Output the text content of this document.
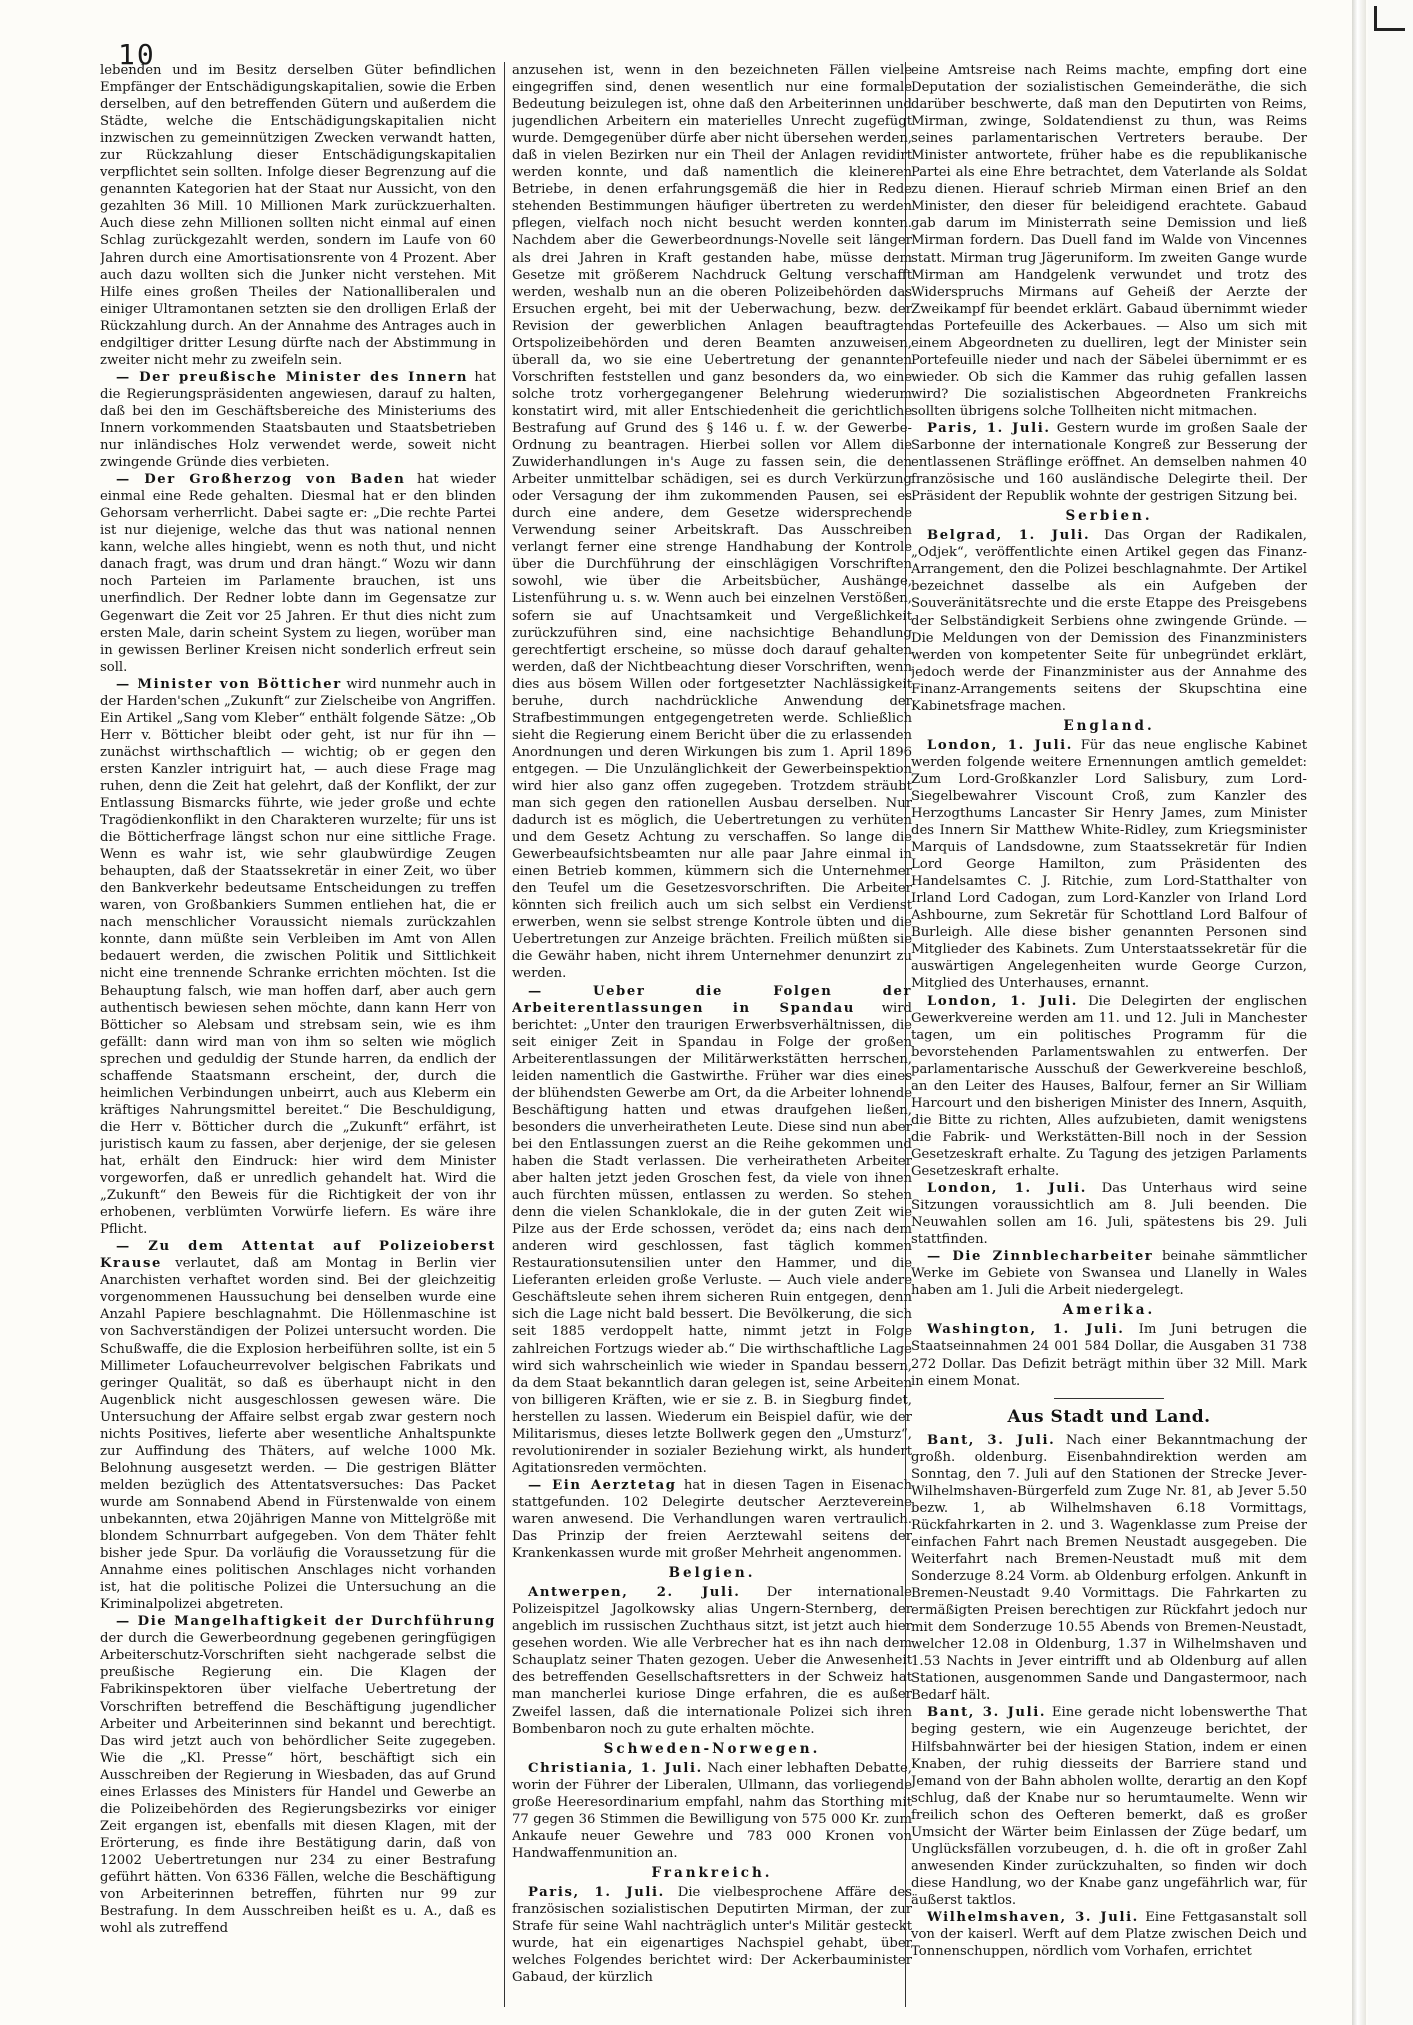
10

lebenden und im Besitz derselben Güter befindlichen Empfänger der Entschädigungskapitalien, sowie die Erben derselben, auf den betreffenden Gütern und außerdem die Städte, welche die Entschädigungskapitalien nicht inzwischen zu gemeinnützigen Zwecken verwandt hatten, zur Rückzahlung dieser Entschädigungskapitalien verpflichtet sein sollten. Infolge dieser Begrenzung auf die genannten Kategorien hat der Staat nur Aussicht, von den gezahlten 36 Mill. 10 Millionen Mark zurückzuerhalten. Auch diese zehn Millionen sollten nicht einmal auf einen Schlag zurückgezahlt werden, sondern im Laufe von 60 Jahren durch eine Amortisationsrente von 4 Prozent. Aber auch dazu wollten sich die Junker nicht verstehen. Mit Hilfe eines großen Theiles der Nationalliberalen und einiger Ultramontanen setzten sie den drolligen Erlaß der Rückzahlung durch. An der Annahme des Antrages auch in endgiltiger dritter Lesung dürfte nach der Abstimmung in zweiter nicht mehr zu zweifeln sein.

— Der preußische Minister des Innern hat die Regierungspräsidenten angewiesen, darauf zu halten, daß bei den im Geschäftsbereiche des Ministeriums des Innern vorkommenden Staatsbauten und Staatsbetrieben nur inländisches Holz verwendet werde, soweit nicht zwingende Gründe dies verbieten.

— Der Großherzog von Baden hat wieder einmal eine Rede gehalten. Diesmal hat er den blinden Gehorsam verherrlicht. Dabei sagte er: „Die rechte Partei ist nur diejenige, welche das thut was national nennen kann, welche alles hingiebt, wenn es noth thut, und nicht danach fragt, was drum und dran hängt.“ Wozu wir dann noch Parteien im Parlamente brauchen, ist uns unerfindlich. Der Redner lobte dann im Gegensatze zur Gegenwart die Zeit vor 25 Jahren. Er thut dies nicht zum ersten Male, darin scheint System zu liegen, worüber man in gewissen Berliner Kreisen nicht sonderlich erfreut sein soll.

— Minister von Bötticher wird nunmehr auch in der Harden'schen „Zukunft“ zur Zielscheibe von Angriffen. Ein Artikel „Sang vom Kleber“ enthält folgende Sätze: „Ob Herr v. Bötticher bleibt oder geht, ist nur für ihn — zunächst wirthschaftlich — wichtig; ob er gegen den ersten Kanzler intriguirt hat, — auch diese Frage mag ruhen, denn die Zeit hat gelehrt, daß der Konflikt, der zur Entlassung Bismarcks führte, wie jeder große und echte Tragödienkonflikt in den Charakteren wurzelte; für uns ist die Bötticherfrage längst schon nur eine sittliche Frage. Wenn es wahr ist, wie sehr glaubwürdige Zeugen behaupten, daß der Staatssekretär in einer Zeit, wo über den Bankverkehr bedeutsame Entscheidungen zu treffen waren, von Großbankiers Summen entliehen hat, die er nach menschlicher Voraussicht niemals zurückzahlen konnte, dann müßte sein Verbleiben im Amt von Allen bedauert werden, die zwischen Politik und Sittlichkeit nicht eine trennende Schranke errichten möchten. Ist die Behauptung falsch, wie man hoffen darf, aber auch gern authentisch bewiesen sehen möchte, dann kann Herr von Bötticher so Alebsam und strebsam sein, wie es ihm gefällt: dann wird man von ihm so selten wie möglich sprechen und geduldig der Stunde harren, da endlich der schaffende Staatsmann erscheint, der, durch die heimlichen Verbindungen unbeirrt, auch aus Kleberm ein kräftiges Nahrungsmittel bereitet.“ Die Beschuldigung, die Herr v. Bötticher durch die „Zukunft“ erfährt, ist juristisch kaum zu fassen, aber derjenige, der sie gelesen hat, erhält den Eindruck: hier wird dem Minister vorgeworfen, daß er unredlich gehandelt hat. Wird die „Zukunft“ den Beweis für die Richtigkeit der von ihr erhobenen, verblümten Vorwürfe liefern. Es wäre ihre Pflicht.

— Zu dem Attentat auf Polizeioberst Krause verlautet, daß am Montag in Berlin vier Anarchisten verhaftet worden sind. Bei der gleichzeitig vorgenommenen Haussuchung bei denselben wurde eine Anzahl Papiere beschlagnahmt. Die Höllenmaschine ist von Sachverständigen der Polizei untersucht worden. Die Schußwaffe, die die Explosion herbeiführen sollte, ist ein 5 Millimeter Lofaucheurrevolver belgischen Fabrikats und geringer Qualität, so daß es überhaupt nicht in den Augenblick nicht ausgeschlossen gewesen wäre. Die Untersuchung der Affaire selbst ergab zwar gestern noch nichts Positives, lieferte aber wesentliche Anhaltspunkte zur Auffindung des Thäters, auf welche 1000 Mk. Belohnung ausgesetzt werden. — Die gestrigen Blätter melden bezüglich des Attentatsversuches: Das Packet wurde am Sonnabend Abend in Fürstenwalde von einem unbekannten, etwa 20jährigen Manne von Mittelgröße mit blondem Schnurrbart aufgegeben. Von dem Thäter fehlt bisher jede Spur. Da vorläufig die Voraussetzung für die Annahme eines politischen Anschlages nicht vorhanden ist, hat die politische Polizei die Untersuchung an die Kriminalpolizei abgetreten.

— Die Mangelhaftigkeit der Durchführung der durch die Gewerbeordnung gegebenen geringfügigen Arbeiterschutz-Vorschriften sieht nachgerade selbst die preußische Regierung ein. Die Klagen der Fabrikinspektoren über vielfache Uebertretung der Vorschriften betreffend die Beschäftigung jugendlicher Arbeiter und Arbeiterinnen sind bekannt und berechtigt. Das wird jetzt auch von behördlicher Seite zugegeben. Wie die „Kl. Presse“ hört, beschäftigt sich ein Ausschreiben der Regierung in Wiesbaden, das auf Grund eines Erlasses des Ministers für Handel und Gewerbe an die Polizeibehörden des Regierungsbezirks vor einiger Zeit ergangen ist, ebenfalls mit diesen Klagen, mit der Erörterung, es finde ihre Bestätigung darin, daß von 12002 Uebertretungen nur 234 zu einer Bestrafung geführt hätten. Von 6336 Fällen, welche die Beschäftigung von Arbeiterinnen betreffen, führten nur 99 zur Bestrafung. In dem Ausschreiben heißt es u. A., daß es wohl als zutreffend

anzusehen ist, wenn in den bezeichneten Fällen viele eingegriffen sind, denen wesentlich nur eine formale Bedeutung beizulegen ist, ohne daß den Arbeiterinnen und jugendlichen Arbeitern ein materielles Unrecht zugefügt wurde. Demgegenüber dürfe aber nicht übersehen werden, daß in vielen Bezirken nur ein Theil der Anlagen revidirt werden konnte, und daß namentlich die kleineren Betriebe, in denen erfahrungsgemäß die hier in Rede stehenden Bestimmungen häufiger übertreten zu werden pflegen, vielfach noch nicht besucht werden konnten. Nachdem aber die Gewerbeordnungs-Novelle seit länger als drei Jahren in Kraft gestanden habe, müsse dem Gesetze mit größerem Nachdruck Geltung verschafft werden, weshalb nun an die oberen Polizeibehörden das Ersuchen ergeht, bei mit der Ueberwachung, bezw. der Revision der gewerblichen Anlagen beauftragten Ortspolizeibehörden und deren Beamten anzuweisen, überall da, wo sie eine Uebertretung der genannten Vorschriften feststellen und ganz besonders da, wo eine solche trotz vorhergegangener Belehrung wiederum konstatirt wird, mit aller Entschiedenheit die gerichtliche Bestrafung auf Grund des § 146 u. f. w. der Gewerbe-Ordnung zu beantragen. Hierbei sollen vor Allem die Zuwiderhandlungen in's Auge zu fassen sein, die den Arbeiter unmittelbar schädigen, sei es durch Verkürzung oder Versagung der ihm zukommenden Pausen, sei es durch eine andere, dem Gesetze widersprechende Verwendung seiner Arbeitskraft. Das Ausschreiben verlangt ferner eine strenge Handhabung der Kontrole über die Durchführung der einschlägigen Vorschriften sowohl, wie über die Arbeitsbücher, Aushänge, Listenführung u. s. w. Wenn auch bei einzelnen Verstößen, sofern sie auf Unachtsamkeit und Vergeßlichkeit zurückzuführen sind, eine nachsichtige Behandlung gerechtfertigt erscheine, so müsse doch darauf gehalten werden, daß der Nichtbeachtung dieser Vorschriften, wenn dies aus bösem Willen oder fortgesetzter Nachlässigkeit beruhe, durch nachdrückliche Anwendung der Strafbestimmungen entgegengetreten werde. Schließlich sieht die Regierung einem Bericht über die zu erlassenden Anordnungen und deren Wirkungen bis zum 1. April 1896 entgegen. — Die Unzulänglichkeit der Gewerbeinspektion wird hier also ganz offen zugegeben. Trotzdem sträubt man sich gegen den rationellen Ausbau derselben. Nur dadurch ist es möglich, die Uebertretungen zu verhüten und dem Gesetz Achtung zu verschaffen. So lange die Gewerbeaufsichtsbeamten nur alle paar Jahre einmal in einen Betrieb kommen, kümmern sich die Unternehmer den Teufel um die Gesetzesvorschriften. Die Arbeiter könnten sich freilich auch um sich selbst ein Verdienst erwerben, wenn sie selbst strenge Kontrole übten und die Uebertretungen zur Anzeige brächten. Freilich müßten sie die Gewähr haben, nicht ihrem Unternehmer denunzirt zu werden.

— Ueber die Folgen der Arbeiterentlassungen in Spandau wird berichtet: „Unter den traurigen Erwerbsverhältnissen, die seit einiger Zeit in Spandau in Folge der großen Arbeiterentlassungen der Militärwerkstätten herrschen, leiden namentlich die Gastwirthe. Früher war dies eines der blühendsten Gewerbe am Ort, da die Arbeiter lohnende Beschäftigung hatten und etwas draufgehen ließen, besonders die unverheiratheten Leute. Diese sind nun aber bei den Entlassungen zuerst an die Reihe gekommen und haben die Stadt verlassen. Die verheiratheten Arbeiter aber halten jetzt jeden Groschen fest, da viele von ihnen auch fürchten müssen, entlassen zu werden. So stehen denn die vielen Schanklokale, die in der guten Zeit wie Pilze aus der Erde schossen, verödet da; eins nach dem anderen wird geschlossen, fast täglich kommen Restaurationsutensilien unter den Hammer, und die Lieferanten erleiden große Verluste. — Auch viele andere Geschäftsleute sehen ihrem sicheren Ruin entgegen, denn sich die Lage nicht bald bessert. Die Bevölkerung, die sich seit 1885 verdoppelt hatte, nimmt jetzt in Folge zahlreichen Fortzugs wieder ab.“ Die wirthschaftliche Lage wird sich wahrscheinlich wie wieder in Spandau bessern, da dem Staat bekanntlich daran gelegen ist, seine Arbeiten von billigeren Kräften, wie er sie z. B. in Siegburg findet, herstellen zu lassen. Wiederum ein Beispiel dafür, wie der Militarismus, dieses letzte Bollwerk gegen den „Umsturz“, revolutionirender in sozialer Beziehung wirkt, als hundert Agitationsreden vermöchten.

— Ein Aerztetag hat in diesen Tagen in Eisenach stattgefunden. 102 Delegirte deutscher Aerztevereine waren anwesend. Die Verhandlungen waren vertraulich. Das Prinzip der freien Aerztewahl seitens der Krankenkassen wurde mit großer Mehrheit angenommen.

Belgien.

Antwerpen, 2. Juli. Der internationale Polizeispitzel Jagolkowsky alias Ungern-Sternberg, der angeblich im russischen Zuchthaus sitzt, ist jetzt auch hier gesehen worden. Wie alle Verbrecher hat es ihn nach dem Schauplatz seiner Thaten gezogen. Ueber die Anwesenheit des betreffenden Gesellschaftsretters in der Schweiz hat man mancherlei kuriose Dinge erfahren, die es außer Zweifel lassen, daß die internationale Polizei sich ihren Bombenbaron noch zu gute erhalten möchte.

Schweden-Norwegen.

Christiania, 1. Juli. Nach einer lebhaften Debatte, worin der Führer der Liberalen, Ullmann, das vorliegende große Heeresordinarium empfahl, nahm das Storthing mit 77 gegen 36 Stimmen die Bewilligung von 575 000 Kr. zum Ankaufe neuer Gewehre und 783 000 Kronen von Handwaffenmunition an.

Frankreich.

Paris, 1. Juli. Die vielbesprochene Affäre des französischen sozialistischen Deputirten Mirman, der zur Strafe für seine Wahl nachträglich unter's Militär gesteckt wurde, hat ein eigenartiges Nachspiel gehabt, über welches Folgendes berichtet wird: Der Ackerbauminister Gabaud, der kürzlich

eine Amtsreise nach Reims machte, empfing dort eine Deputation der sozialistischen Gemeinderäthe, die sich darüber beschwerte, daß man den Deputirten von Reims, Mirman, zwinge, Soldatendienst zu thun, was Reims seines parlamentarischen Vertreters beraube. Der Minister antwortete, früher habe es die republikanische Partei als eine Ehre betrachtet, dem Vaterlande als Soldat zu dienen. Hierauf schrieb Mirman einen Brief an den Minister, den dieser für beleidigend erachtete. Gabaud gab darum im Ministerrath seine Demission und ließ Mirman fordern. Das Duell fand im Walde von Vincennes statt. Mirman trug Jägeruniform. Im zweiten Gange wurde Mirman am Handgelenk verwundet und trotz des Widerspruchs Mirmans auf Geheiß der Aerzte der Zweikampf für beendet erklärt. Gabaud übernimmt wieder das Portefeuille des Ackerbaues. — Also um sich mit einem Abgeordneten zu duelliren, legt der Minister sein Portefeuille nieder und nach der Säbelei übernimmt er es wieder. Ob sich die Kammer das ruhig gefallen lassen wird? Die sozialistischen Abgeordneten Frankreichs sollten übrigens solche Tollheiten nicht mitmachen.

Paris, 1. Juli. Gestern wurde im großen Saale der Sarbonne der internationale Kongreß zur Besserung der entlassenen Sträflinge eröffnet. An demselben nahmen 40 französische und 160 ausländische Delegirte theil. Der Präsident der Republik wohnte der gestrigen Sitzung bei.

Serbien.

Belgrad, 1. Juli. Das Organ der Radikalen, „Odjek“, veröffentlichte einen Artikel gegen das Finanz-Arrangement, den die Polizei beschlagnahmte. Der Artikel bezeichnet dasselbe als ein Aufgeben der Souveränitätsrechte und die erste Etappe des Preisgebens der Selbständigkeit Serbiens ohne zwingende Gründe. — Die Meldungen von der Demission des Finanzministers werden von kompetenter Seite für unbegründet erklärt, jedoch werde der Finanzminister aus der Annahme des Finanz-Arrangements seitens der Skupschtina eine Kabinetsfrage machen.

England.

London, 1. Juli. Für das neue englische Kabinet werden folgende weitere Ernennungen amtlich gemeldet: Zum Lord-Großkanzler Lord Salisbury, zum Lord-Siegelbewahrer Viscount Croß, zum Kanzler des Herzogthums Lancaster Sir Henry James, zum Minister des Innern Sir Matthew White-Ridley, zum Kriegsminister Marquis of Landsdowne, zum Staatssekretär für Indien Lord George Hamilton, zum Präsidenten des Handelsamtes C. J. Ritchie, zum Lord-Statthalter von Irland Lord Cadogan, zum Lord-Kanzler von Irland Lord Ashbourne, zum Sekretär für Schottland Lord Balfour of Burleigh. Alle diese bisher genannten Personen sind Mitglieder des Kabinets. Zum Unterstaatssekretär für die auswärtigen Angelegenheiten wurde George Curzon, Mitglied des Unterhauses, ernannt.

London, 1. Juli. Die Delegirten der englischen Gewerkvereine werden am 11. und 12. Juli in Manchester tagen, um ein politisches Programm für die bevorstehenden Parlamentswahlen zu entwerfen. Der parlamentarische Ausschuß der Gewerkvereine beschloß, an den Leiter des Hauses, Balfour, ferner an Sir William Harcourt und den bisherigen Minister des Innern, Asquith, die Bitte zu richten, Alles aufzubieten, damit wenigstens die Fabrik- und Werkstätten-Bill noch in der Session Gesetzeskraft erhalte. Zu Tagung des jetzigen Parlaments Gesetzeskraft erhalte.

London, 1. Juli. Das Unterhaus wird seine Sitzungen voraussichtlich am 8. Juli beenden. Die Neuwahlen sollen am 16. Juli, spätestens bis 29. Juli stattfinden.

— Die Zinnblecharbeiter beinahe sämmtlicher Werke im Gebiete von Swansea und Llanelly in Wales haben am 1. Juli die Arbeit niedergelegt.

Amerika.

Washington, 1. Juli. Im Juni betrugen die Staatseinnahmen 24 001 584 Dollar, die Ausgaben 31 738 272 Dollar. Das Defizit beträgt mithin über 32 Mill. Mark in einem Monat.

Aus Stadt und Land.

Bant, 3. Juli. Nach einer Bekanntmachung der großh. oldenburg. Eisenbahndirektion werden am Sonntag, den 7. Juli auf den Stationen der Strecke Jever-Wilhelmshaven-Bürgerfeld zum Zuge Nr. 81, ab Jever 5.50 bezw. 1, ab Wilhelmshaven 6.18 Vormittags, Rückfahrkarten in 2. und 3. Wagenklasse zum Preise der einfachen Fahrt nach Bremen Neustadt ausgegeben. Die Weiterfahrt nach Bremen-Neustadt muß mit dem Sonderzuge 8.24 Vorm. ab Oldenburg erfolgen. Ankunft in Bremen-Neustadt 9.40 Vormittags. Die Fahrkarten zu ermäßigten Preisen berechtigen zur Rückfahrt jedoch nur mit dem Sonderzuge 10.55 Abends von Bremen-Neustadt, welcher 12.08 in Oldenburg, 1.37 in Wilhelmshaven und 1.53 Nachts in Jever eintrifft und ab Oldenburg auf allen Stationen, ausgenommen Sande und Dangastermoor, nach Bedarf hält.

Bant, 3. Juli. Eine gerade nicht lobenswerthe That beging gestern, wie ein Augenzeuge berichtet, der Hilfsbahnwärter bei der hiesigen Station, indem er einen Knaben, der ruhig diesseits der Barriere stand und Jemand von der Bahn abholen wollte, derartig an den Kopf schlug, daß der Knabe nur so herumtaumelte. Wenn wir freilich schon des Oefteren bemerkt, daß es großer Umsicht der Wärter beim Einlassen der Züge bedarf, um Unglücksfällen vorzubeugen, d. h. die oft in großer Zahl anwesenden Kinder zurückzuhalten, so finden wir doch diese Handlung, wo der Knabe ganz ungefährlich war, für äußerst taktlos.

Wilhelmshaven, 3. Juli. Eine Fettgasanstalt soll von der kaiserl. Werft auf dem Platze zwischen Deich und Tonnenschuppen, nördlich vom Vorhafen, errichtet
